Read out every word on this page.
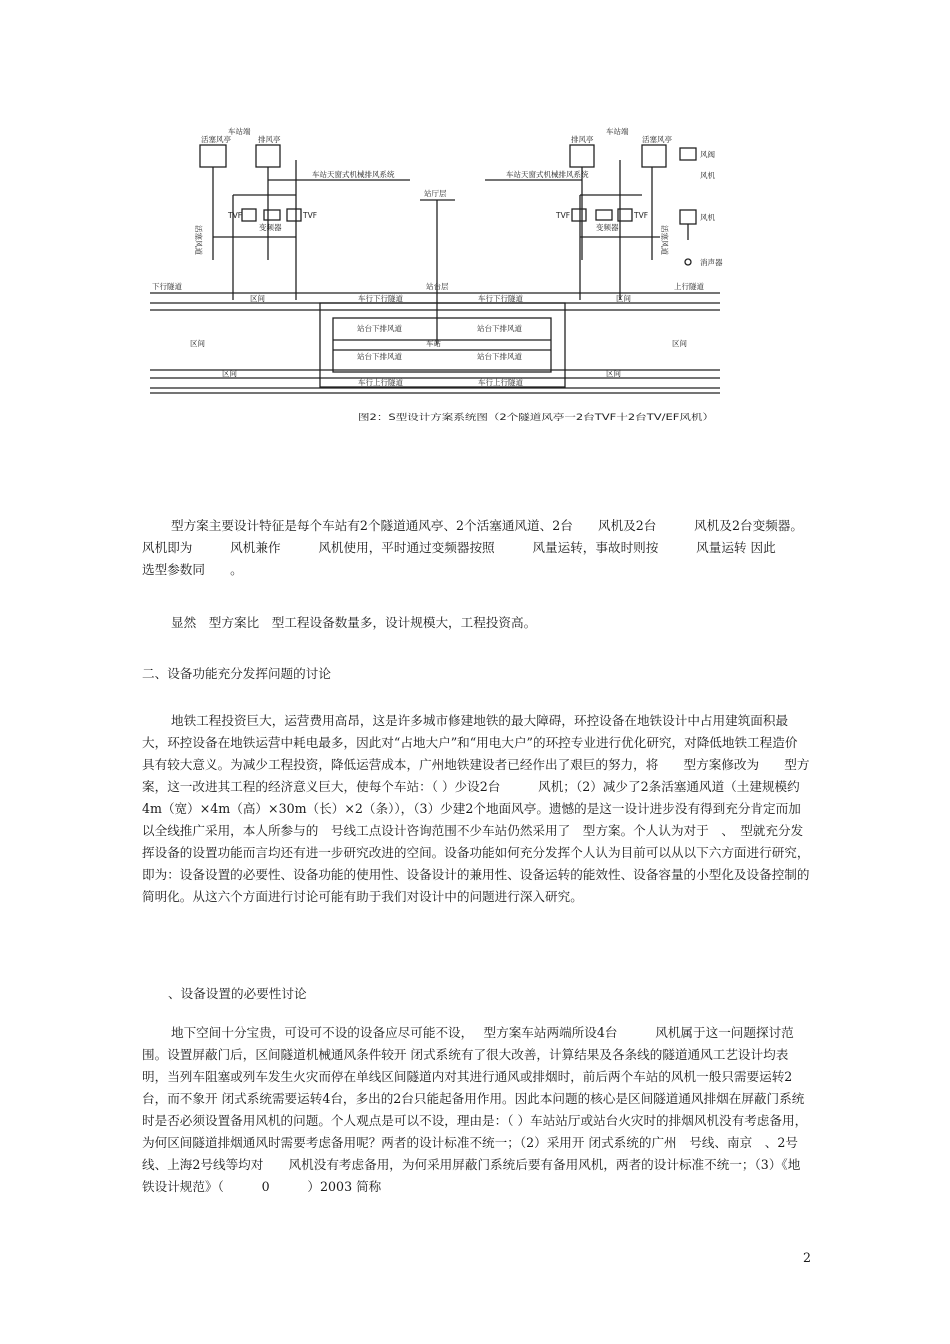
车站端	车站端
活塞风亭	排风亭	排风亭	活塞风亭
车站天窗式机械排风系统	车站天窗式机械排风系统
站厅层
TVF	TVF	TVF	TVF
变频器	变频器
活塞风道	活塞风道
风阀
风机
风机
消声器
下行隧道	上行隧道
站台层
区间	区间
区间	区间
区间	区间
车行下行隧道	车行下行隧道
站台下排风道	站台下排风道
站台下排风道	站台下排风道
车行上行隧道	车行上行隧道
车站
图2：S型设计方案系统图（2个隧道风亭一2台TVF十2台TV/EF风机）

型方案主要设计特征是每个车站有2个隧道通风亭、2个活塞通风道、2台　　风机及2台　　　风机及2台变频器。　　　风机即为　　　风机兼作　　　风机使用，平时通过变频器按照　　　风量运转，事故时则按　　　风量运转 因此　　　选型参数同　　。

显然　型方案比　型工程设备数量多，设计规模大，工程投资高。

二、设备功能充分发挥问题的讨论

地铁工程投资巨大，运营费用高昂，这是许多城市修建地铁的最大障碍，环控设备在地铁设计中占用建筑面积最大，环控设备在地铁运营中耗电最多，因此对“占地大户”和“用电大户”的环控专业进行优化研究，对降低地铁工程造价具有较大意义。为减少工程投资，降低运营成本，广州地铁建设者已经作出了艰巨的努力，将　　型方案修改为　　型方案，这一改进其工程的经济意义巨大，使每个车站：（ ）少设2台　　　风机；（2）减少了2条活塞通风道（土建规模约4m（宽）×4m（高）×30m（长）×2（条）），（3）少建2个地面风亭。遗憾的是这一设计进步没有得到充分肯定而加以全线推广采用，本人所参与的　号线工点设计咨询范围不少车站仍然采用了　型方案。个人认为对于　、　型就充分发挥设备的设置功能而言均还有进一步研究改进的空间。设备功能如何充分发挥个人认为目前可以从以下六方面进行研究，即为：设备设置的必要性、设备功能的使用性、设备设计的兼用性、设备运转的能效性、设备容量的小型化及设备控制的简明化。从这六个方面进行讨论可能有助于我们对设计中的问题进行深入研究。

、设备设置的必要性讨论

地下空间十分宝贵，可设可不设的设备应尽可能不设，　 型方案车站两端所设4台　　　风机属于这一问题探讨范围。设置屏蔽门后，区间隧道机械通风条件较开 闭式系统有了很大改善，计算结果及各条线的隧道通风工艺设计均表明，当列车阻塞或列车发生火灾而停在单线区间隧道内对其进行通风或排烟时，前后两个车站的风机一般只需要运转2台，而不象开 闭式系统需要运转4台，多出的2台只能起备用作用。因此本问题的核心是区间隧道通风排烟在屏蔽门系统时是否必须设置备用风机的问题。个人观点是可以不设，理由是：（ ）车站站厅或站台火灾时的排烟风机没有考虑备用，为何区间隧道排烟通风时需要考虑备用呢？两者的设计标准不统一；（2）采用开 闭式系统的广州　号线、南京　、2号线、上海2号线等均对　　风机没有考虑备用，为何采用屏蔽门系统后要有备用风机，两者的设计标准不统一；（3）《地铁设计规范》（　　　0　　　）2003 简称

2
